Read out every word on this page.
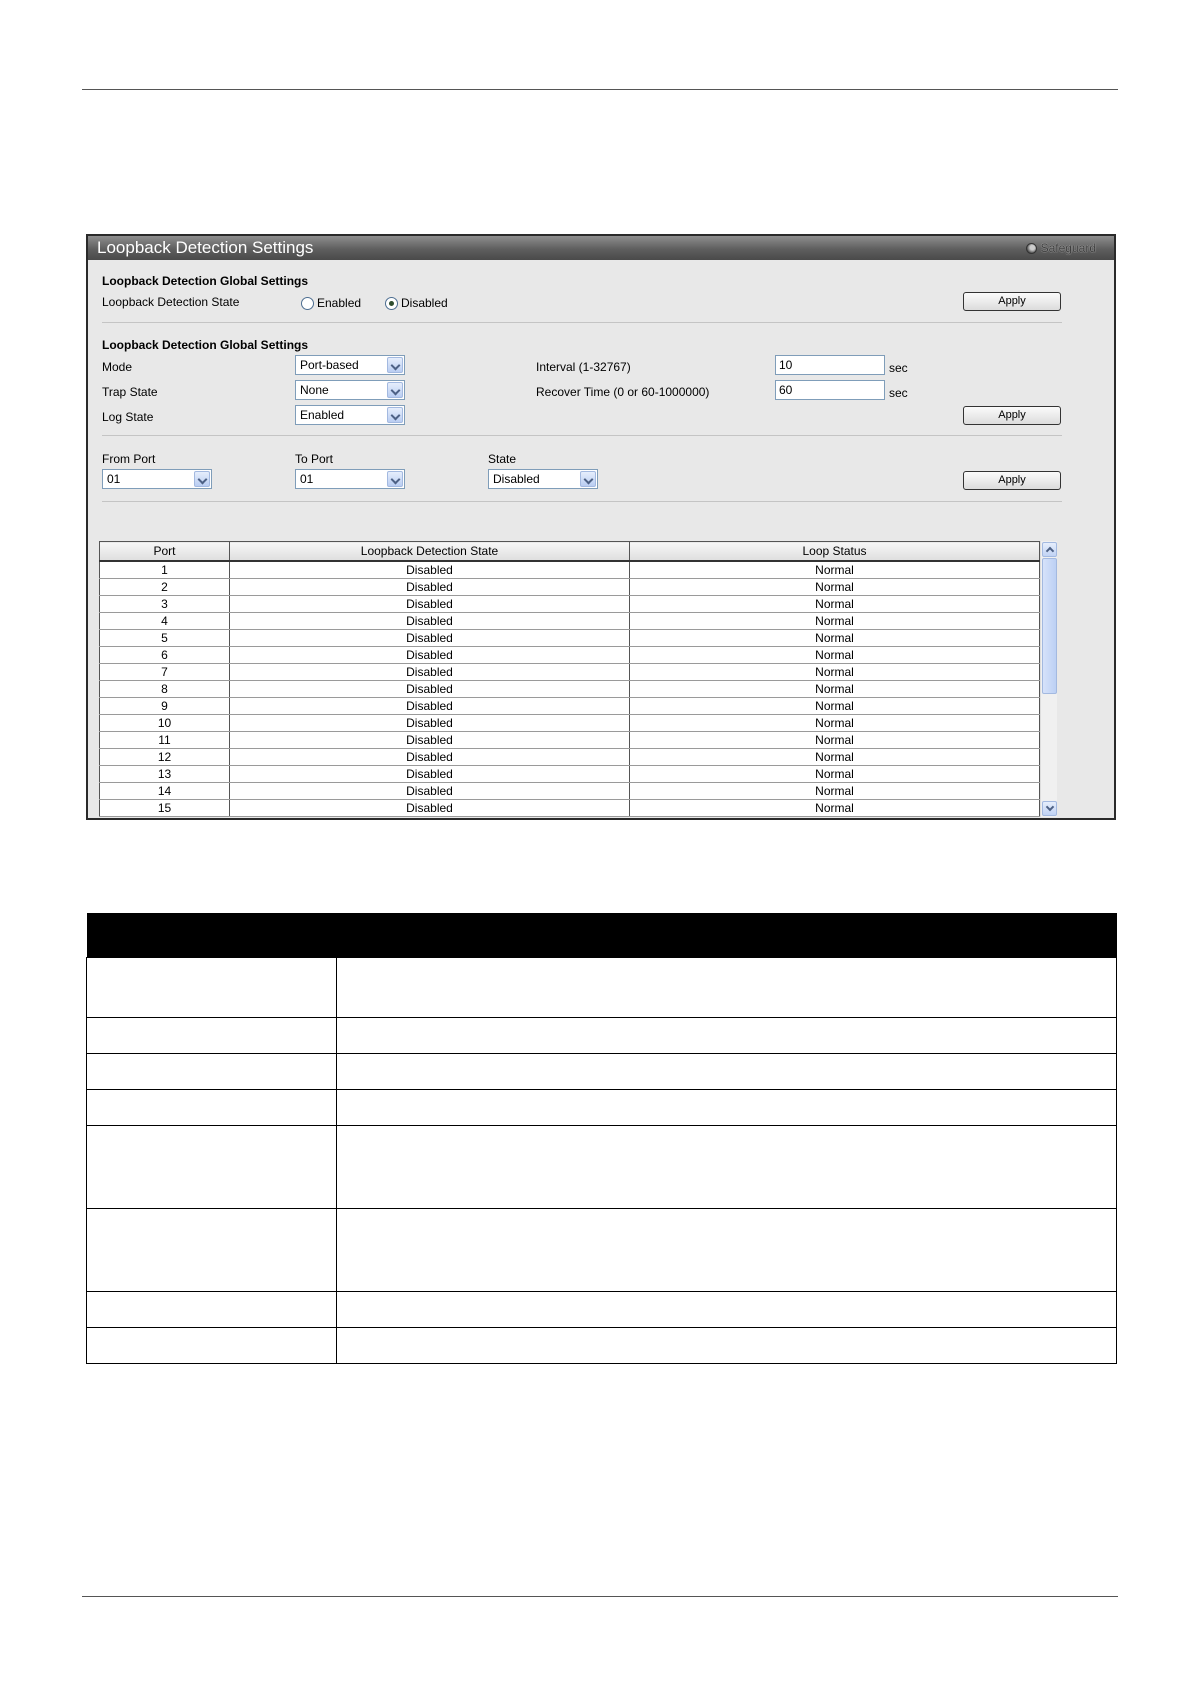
Loopback Detection Settings	Safeguard
Loopback Detection Global Settings
Loopback Detection State	Enabled	Disabled	Apply
Loopback Detection Global Settings
Mode	Port-based
Trap State	None
Log State	Enabled
Interval (1-32767)
10	sec
Recover Time (0 or 60-1000000)
60	sec
Apply
From Port
01
To Port
01
State
Disabled	Apply
Port	Loopback Detection State	Loop Status
1	Disabled	Normal
2	Disabled	Normal
3	Disabled	Normal
4	Disabled	Normal
5	Disabled	Normal
6	Disabled	Normal
7	Disabled	Normal
8	Disabled	Normal
9	Disabled	Normal
10	Disabled	Normal
11	Disabled	Normal
12	Disabled	Normal
13	Disabled	Normal
14	Disabled	Normal
15	Disabled	Normal
